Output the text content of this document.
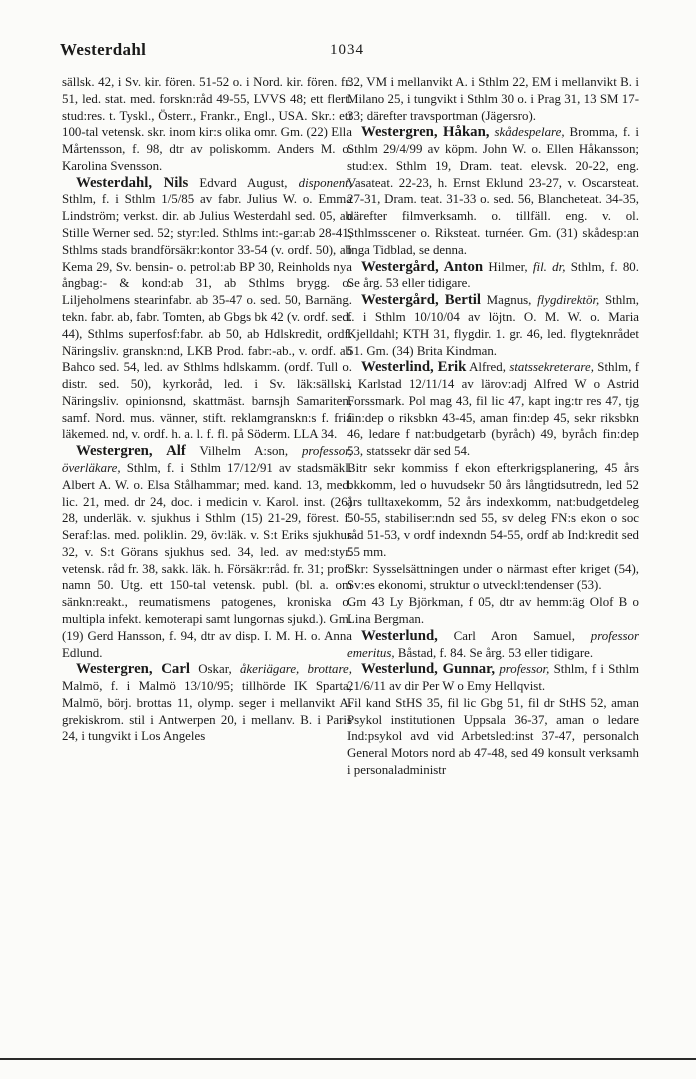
Westerdahl	1034
sällsk. 42, i Sv. kir. fören. 51-52 o. i Nord. kir. fören. fr. 51, led. stat. med. forskn:råd 49-55, LVVS 48; ett flert. stud:res. t. Tyskl., Österr., Frankr., Engl., USA. Skr.: ett 100-tal vetensk. skr. inom kir:s olika omr. Gm. (22) Ella Mårtensson, f. 98, dtr av poliskomm. Anders M. o. Karolina Svensson.
Westerdahl, Nils Edvard August, disponent, Sthlm, f. i Sthlm 1/5/85 av fabr. Julius W. o. Emma Lindström; verkst. dir. ab Julius Westerdahl sed. 05, ab Stille Werner sed. 52; styr:led. Sthlms int:-gar:ab 28-41, Sthlms stads brandförsäkr:kontor 33-54 (v. ordf. 50), ab Kema 29, Sv. bensin- o. petrol:ab BP 30, Reinholds nya ångbag:- & kond:ab 31, ab Sthlms brygg. o. Liljeholmens stearinfabr. ab 35-47 o. sed. 50, Barnäng. tekn. fabr. ab, fabr. Tomten, ab Gbgs bk 42 (v. ordf. sed. 44), Sthlms superfosf:fabr. ab 50, ab Hdlskredit, ordf. Näringsliv. granskn:nd, LKB Prod. fabr:-ab., v. ordf. ab Bahco sed. 54, led. av Sthlms hdlskamm. (ordf. Tull o. distr. sed. 50), kyrkoråd, led. i Sv. läk:sällsk., Näringsliv. opinionsnd, skattmäst. barnsjh Samariten, samf. Nord. mus. vänner, stift. reklamgranskn:s f. fria läkemed. nd, v. ordf. h. a. l. f. fl. på Söderm. LLA 34.
Westergren, Alf Vilhelm A:son, professor, överläkare, Sthlm, f. i Sthlm 17/12/91 av stadsmäkl. Albert A. W. o. Elsa Stålhammar; med. kand. 13, med. lic. 21, med. dr 24, doc. i medicin v. Karol. inst. (26) 28, underläk. v. sjukhus i Sthlm (15) 21-29, förest. f. Seraf:las. med. poliklin. 29, öv:läk. v. S:t Eriks sjukhus 32, v. S:t Görans sjukhus sed. 34, led. av med:styr. vetensk. råd fr. 38, sakk. läk. h. Försäkr:råd. fr. 31; prof. namn 50. Utg. ett 150-tal vetensk. publ. (bl. a. om sänkn:reakt., reumatismens patogenes, kroniska o. multipla infekt. kemoterapi samt lungornas sjukd.). Gm. (19) Gerd Hansson, f. 94, dtr av disp. I. M. H. o. Anna Edlund.
Westergren, Carl Oskar, åkeriägare, brottare, Malmö, f. i Malmö 13/10/95; tillhörde IK Sparta, Malmö, börj. brottas 11, olymp. seger i mellanvikt A. grekiskrom. stil i Antwerpen 20, i mellanv. B. i Paris 24, i tungvikt i Los Angeles
32, VM i mellanvikt A. i Sthlm 22, EM i mellanvikt B. i Milano 25, i tungvikt i Sthlm 30 o. i Prag 31, 13 SM 17-33; därefter travsportman (Jägersro).
Westergren, Håkan, skådespelare, Bromma, f. i Sthlm 29/4/99 av köpm. John W. o. Ellen Håkansson; stud:ex. Sthlm 19, Dram. teat. elevsk. 20-22, eng. Vasateat. 22-23, h. Ernst Eklund 23-27, v. Oscarsteat. 27-31, Dram. teat. 31-33 o. sed. 56, Blancheteat. 34-35, därefter filmverksamh. o. tillfäll. eng. v. ol. Sthlmsscener o. Riksteat. turnéer. Gm. (31) skådesp:an Inga Tidblad, se denna.
Westergård, Anton Hilmer, fil. dr, Sthlm, f. 80. Se årg. 53 eller tidigare.
Westergård, Bertil Magnus, flygdirektör, Sthlm, f. i Sthlm 10/10/04 av löjtn. O. M. W. o. Maria Kjelldahl; KTH 31, flygdir. 1. gr. 46, led. flygteknrådet 51. Gm. (34) Brita Kindman.
Westerlind, Erik Alfred, statssekreterare, Sthlm, f i Karlstad 12/11/14 av lärov:adj Alfred W o Astrid Forssmark. Pol mag 43, fil lic 47, kapt ing:tr res 47, tjg fin:dep o riksbkn 43-45, aman fin:dep 45, sekr riksbkn 46, ledare f nat:budgetarb (byråch) 49, byråch fin:dep 53, statssekr där sed 54.
Bitr sekr kommiss f ekon efterkrigsplanering, 45 års bkkomm, led o huvudsekr 50 års långtidsutredn, led 52 års tulltaxekomm, 52 års indexkomm, nat:budgetdeleg 50-55, stabiliser:ndn sed 55, sv deleg FN:s ekon o soc råd 51-53, v ordf indexndn 54-55, ordf ab Ind:kredit sed 55 mm.
Skr: Sysselsättningen under o närmast efter kriget (54), Sv:es ekonomi, struktur o utveckl:tendenser (53).
Gm 43 Ly Björkman, f 05, dtr av hemm:äg Olof B o Lina Bergman.
Westerlund, Carl Aron Samuel, professor emeritus, Båstad, f. 84. Se årg. 53 eller tidigare.
Westerlund, Gunnar, professor, Sthlm, f i Sthlm 21/6/11 av dir Per W o Emy Hellqvist.
Fil kand StHS 35, fil lic Gbg 51, fil dr StHS 52, aman Psykol institutionen Uppsala 36-37, aman o ledare Ind:psykol avd vid Arbetsled:inst 37-47, personalch General Motors nord ab 47-48, sed 49 konsult verksamh i personaladministr
